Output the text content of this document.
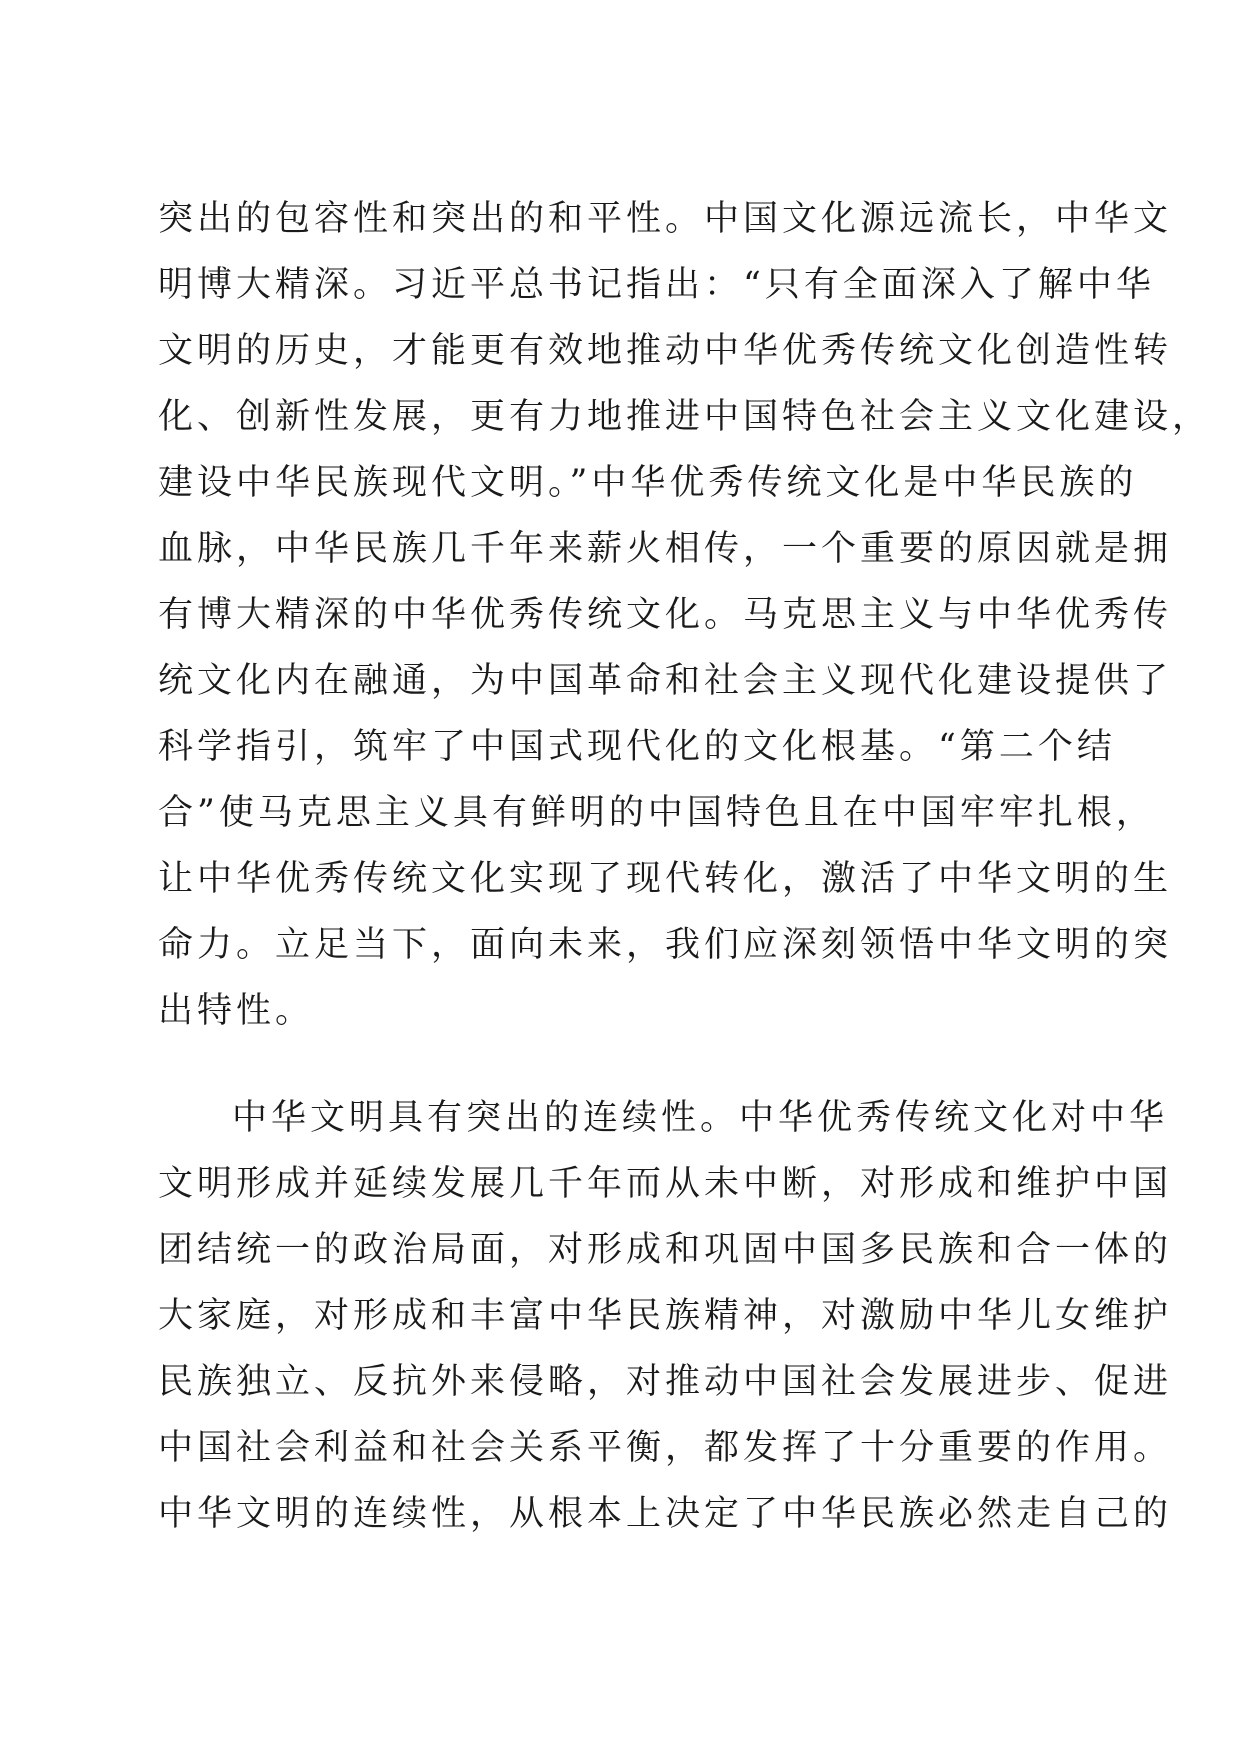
突出的包容性和突出的和平性。中国文化源远流长，中华文
明博大精深。习近平总书记指出：“只有全面深入了解中华
文明的历史，才能更有效地推动中华优秀传统文化创造性转
化、创新性发展，更有力地推进中国特色社会主义文化建设，
建设中华民族现代文明。”中华优秀传统文化是中华民族的
血脉，中华民族几千年来薪火相传，一个重要的原因就是拥
有博大精深的中华优秀传统文化。马克思主义与中华优秀传
统文化内在融通，为中国革命和社会主义现代化建设提供了
科学指引，筑牢了中国式现代化的文化根基。“第二个结
合”使马克思主义具有鲜明的中国特色且在中国牢牢扎根，
让中华优秀传统文化实现了现代转化，激活了中华文明的生
命力。立足当下，面向未来，我们应深刻领悟中华文明的突
出特性。
中华文明具有突出的连续性。中华优秀传统文化对中华
文明形成并延续发展几千年而从未中断，对形成和维护中国
团结统一的政治局面，对形成和巩固中国多民族和合一体的
大家庭，对形成和丰富中华民族精神，对激励中华儿女维护
民族独立、反抗外来侵略，对推动中国社会发展进步、促进
中国社会利益和社会关系平衡，都发挥了十分重要的作用。
中华文明的连续性，从根本上决定了中华民族必然走自己的
